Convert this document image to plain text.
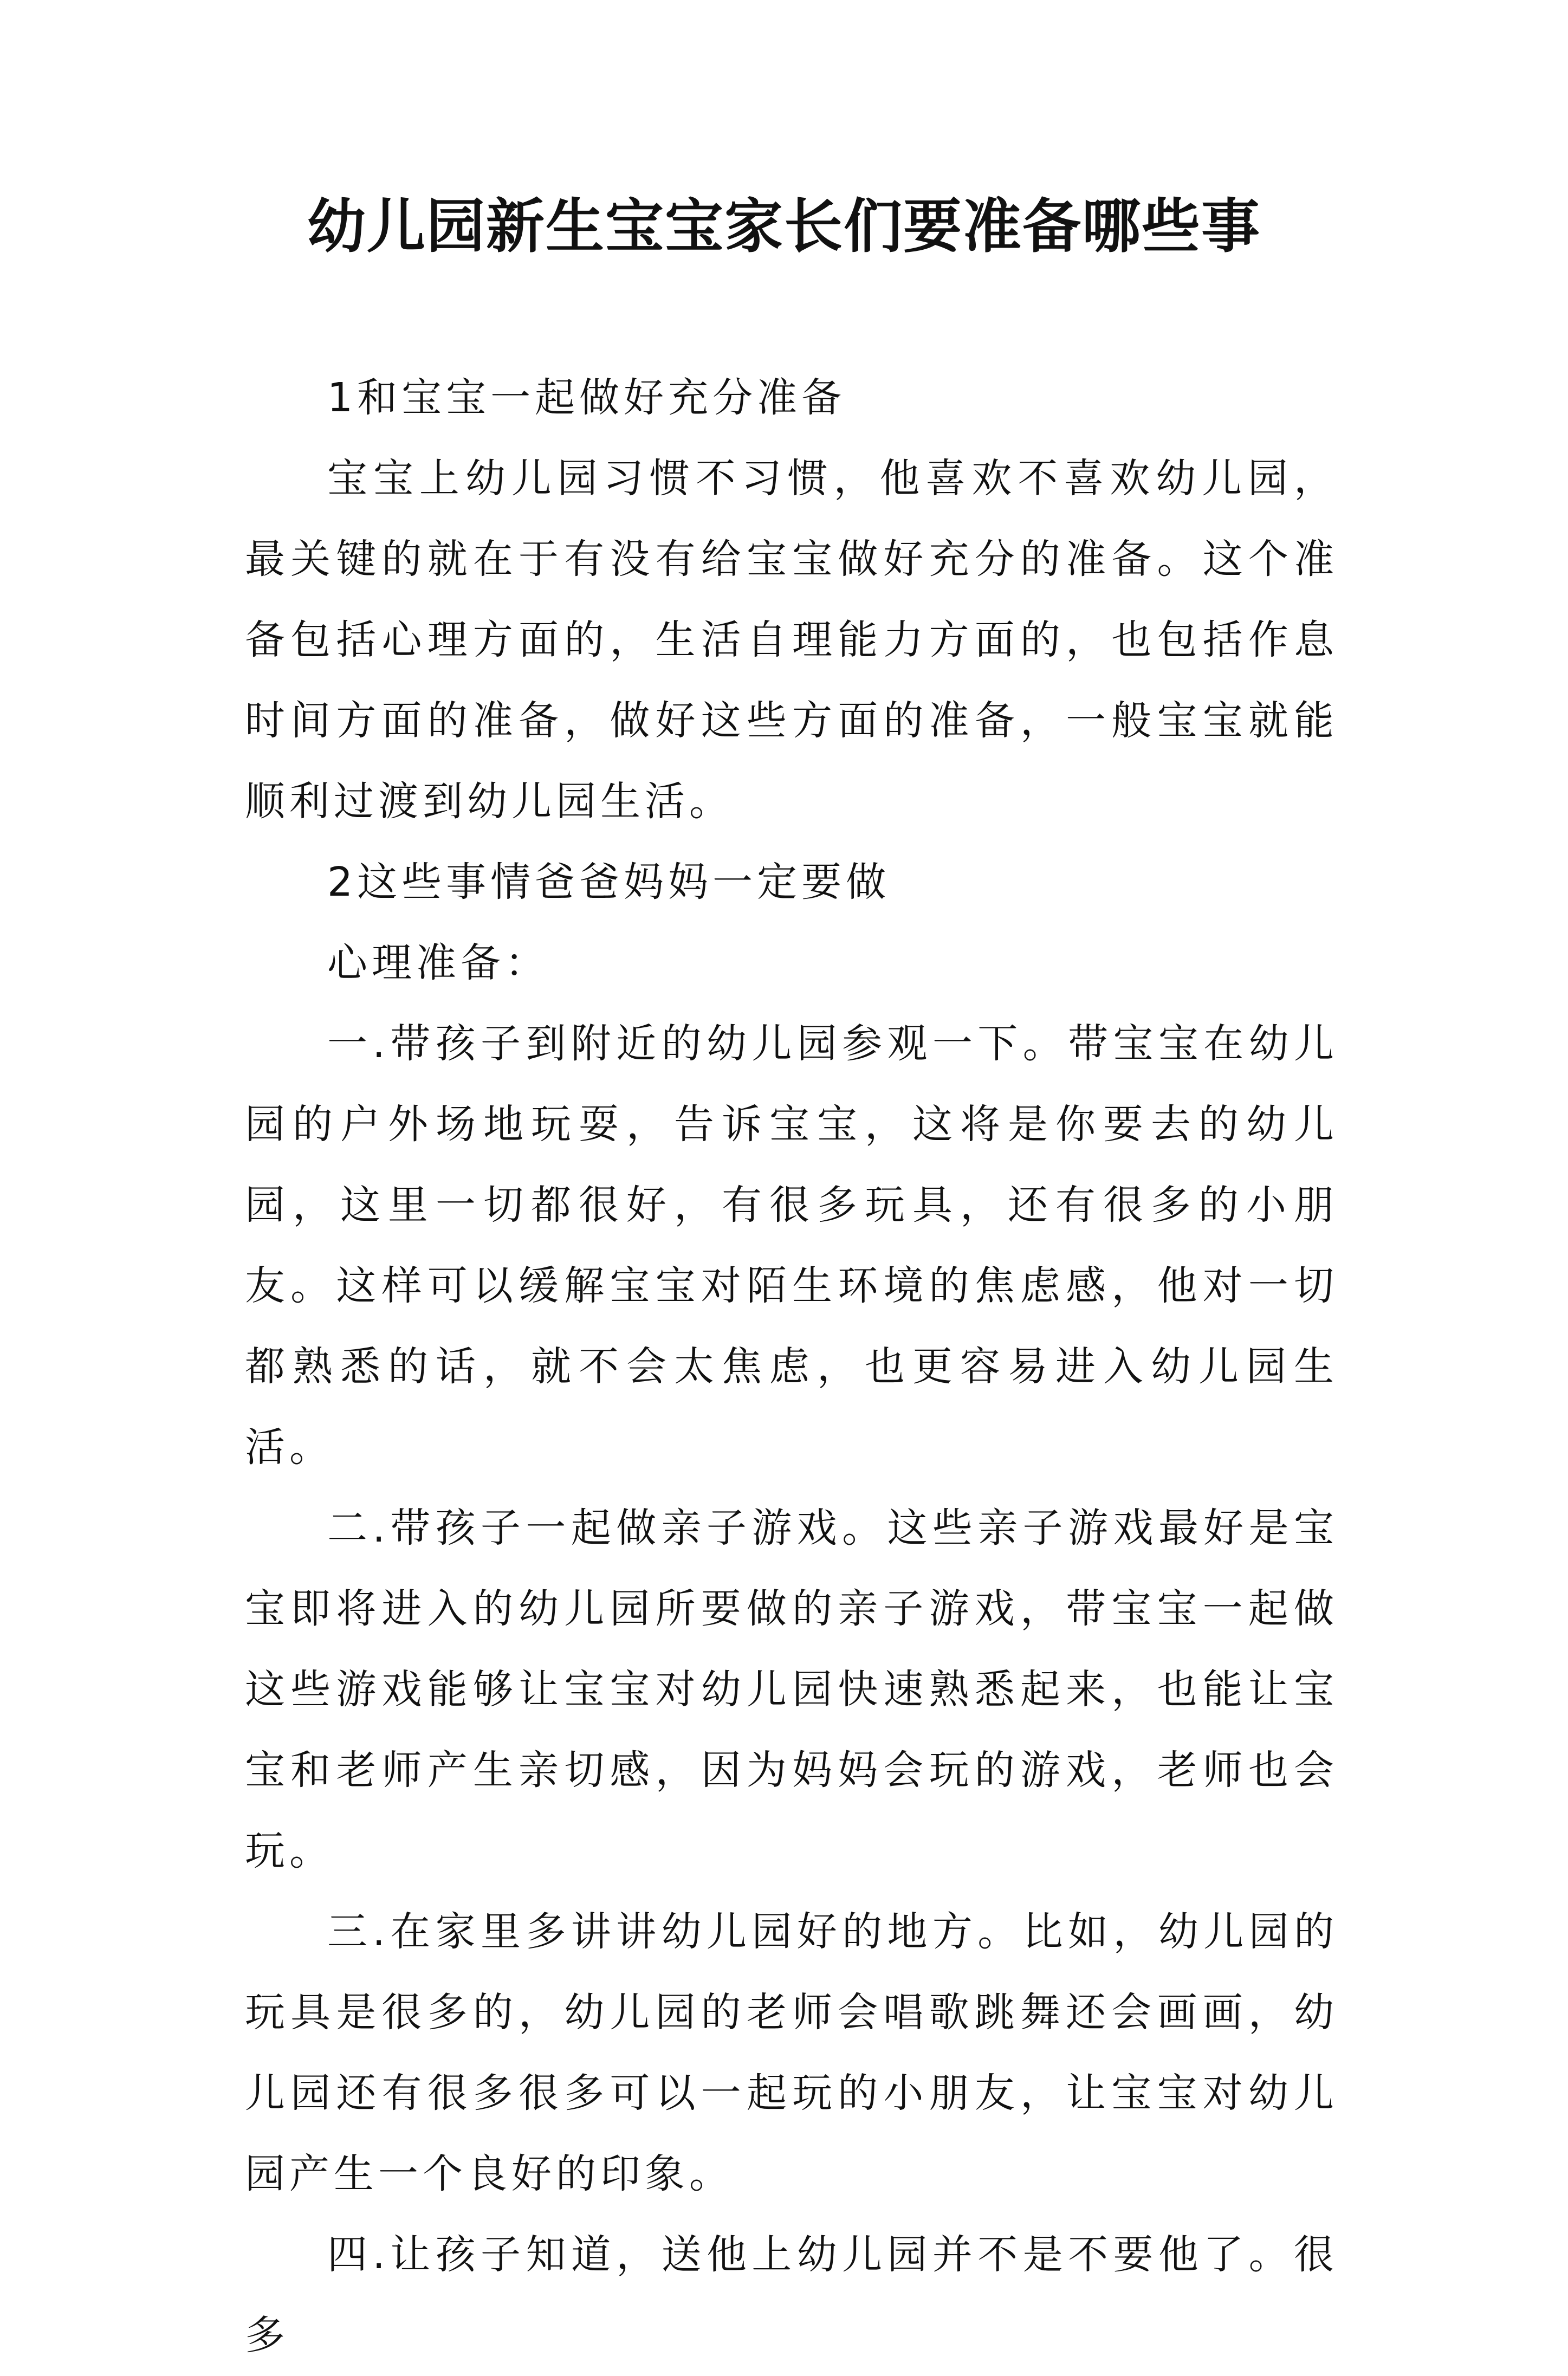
幼儿园新生宝宝家长们要准备哪些事

1和宝宝一起做好充分准备

宝宝上幼儿园习惯不习惯，他喜欢不喜欢幼儿园，最关键的就在于有没有给宝宝做好充分的准备。这个准备包括心理方面的，生活自理能力方面的，也包括作息时间方面的准备，做好这些方面的准备，一般宝宝就能顺利过渡到幼儿园生活。

2这些事情爸爸妈妈一定要做

心理准备：

一.带孩子到附近的幼儿园参观一下。带宝宝在幼儿园的户外场地玩耍，告诉宝宝，这将是你要去的幼儿园，这里一切都很好，有很多玩具，还有很多的小朋友。这样可以缓解宝宝对陌生环境的焦虑感，他对一切都熟悉的话，就不会太焦虑，也更容易进入幼儿园生活。

二.带孩子一起做亲子游戏。这些亲子游戏最好是宝宝即将进入的幼儿园所要做的亲子游戏，带宝宝一起做这些游戏能够让宝宝对幼儿园快速熟悉起来，也能让宝宝和老师产生亲切感，因为妈妈会玩的游戏，老师也会玩。

三.在家里多讲讲幼儿园好的地方。比如，幼儿园的玩具是很多的，幼儿园的老师会唱歌跳舞还会画画，幼儿园还有很多很多可以一起玩的小朋友，让宝宝对幼儿园产生一个良好的印象。

四.让孩子知道，送他上幼儿园并不是不要他了。很多
